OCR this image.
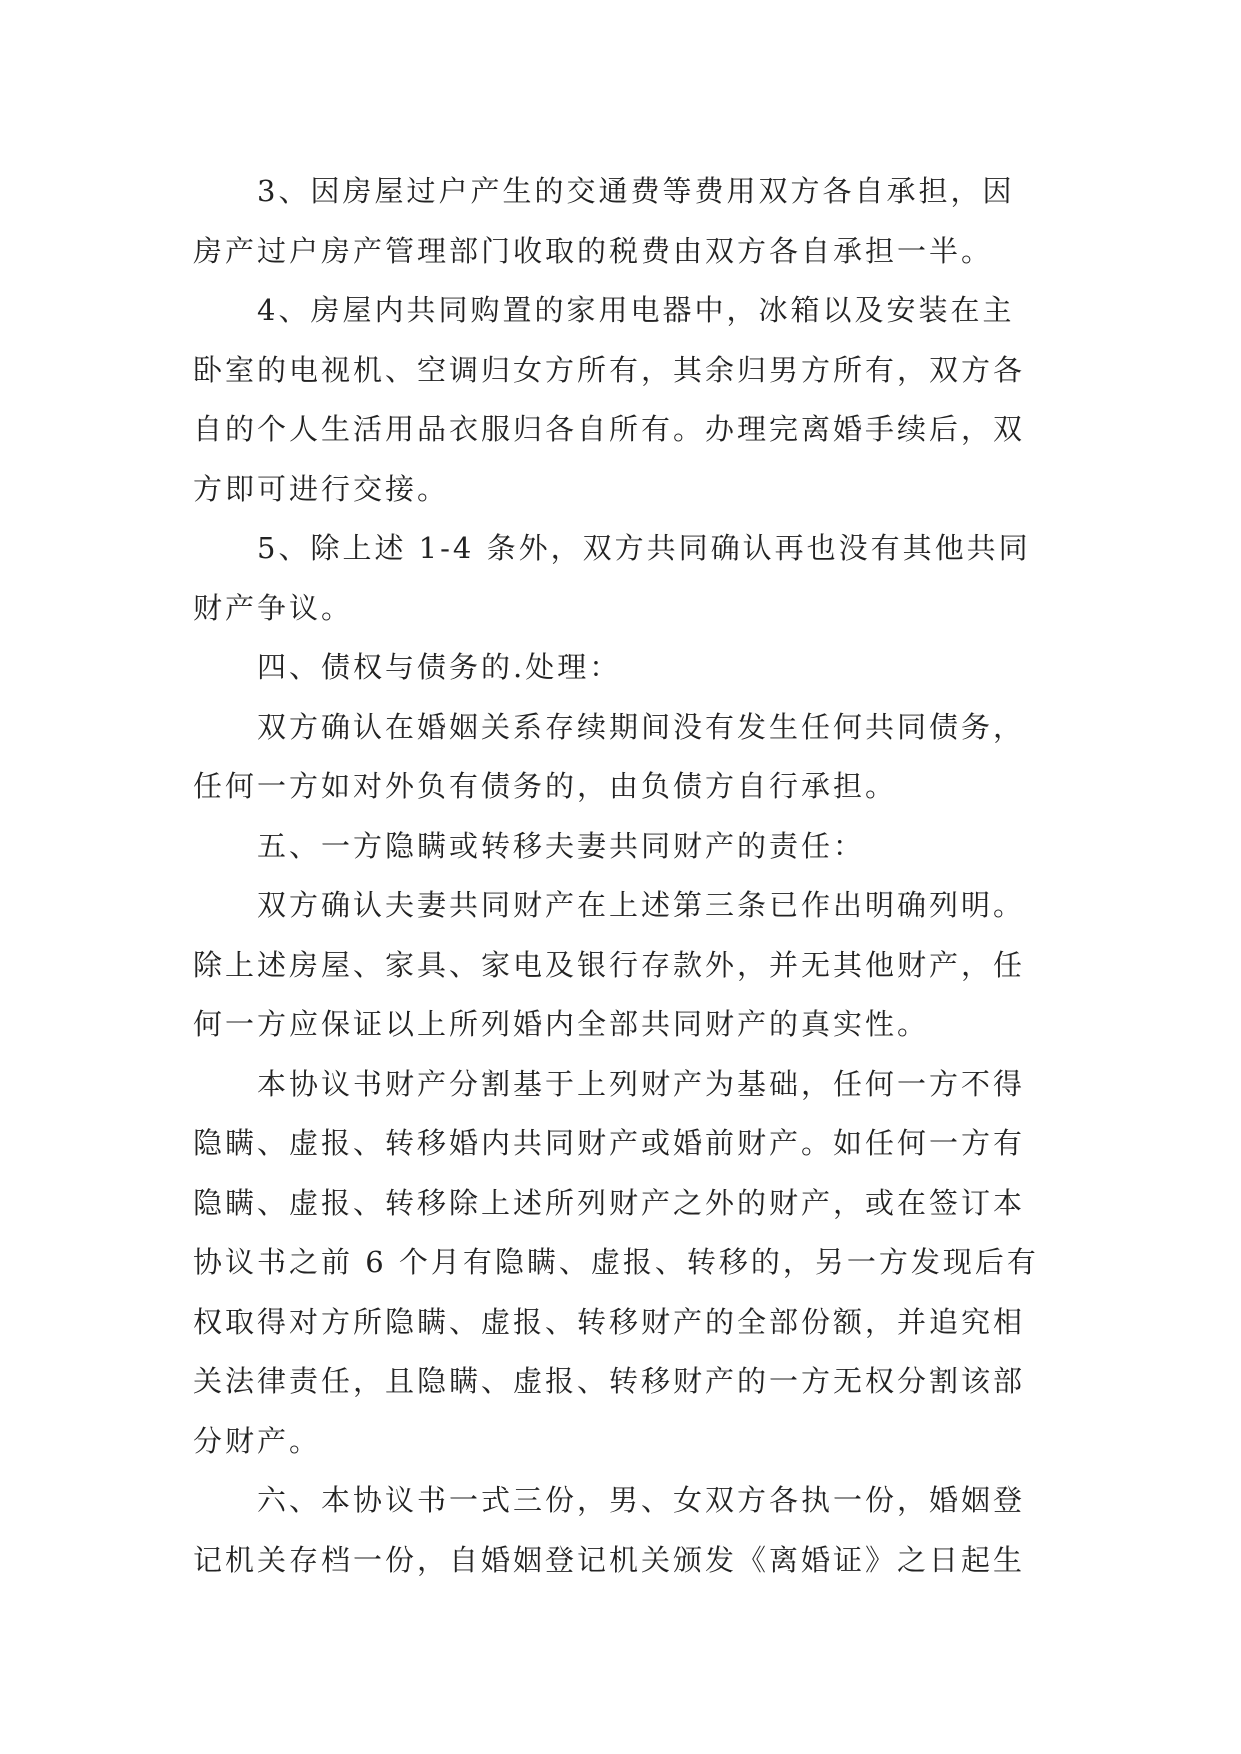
3、因房屋过户产生的交通费等费用双方各自承担，因
房产过户房产管理部门收取的税费由双方各自承担一半。
4、房屋内共同购置的家用电器中，冰箱以及安装在主
卧室的电视机、空调归女方所有，其余归男方所有，双方各
自的个人生活用品衣服归各自所有。办理完离婚手续后，双
方即可进行交接。
5、除上述 1-4 条外，双方共同确认再也没有其他共同
财产争议。
四、债权与债务的.处理：
双方确认在婚姻关系存续期间没有发生任何共同债务，
任何一方如对外负有债务的，由负债方自行承担。
五、一方隐瞒或转移夫妻共同财产的责任：
双方确认夫妻共同财产在上述第三条已作出明确列明。
除上述房屋、家具、家电及银行存款外，并无其他财产，任
何一方应保证以上所列婚内全部共同财产的真实性。
本协议书财产分割基于上列财产为基础，任何一方不得
隐瞒、虚报、转移婚内共同财产或婚前财产。如任何一方有
隐瞒、虚报、转移除上述所列财产之外的财产，或在签订本
协议书之前 6 个月有隐瞒、虚报、转移的，另一方发现后有
权取得对方所隐瞒、虚报、转移财产的全部份额，并追究相
关法律责任，且隐瞒、虚报、转移财产的一方无权分割该部
分财产。
六、本协议书一式三份，男、女双方各执一份，婚姻登
记机关存档一份，自婚姻登记机关颁发《离婚证》之日起生
